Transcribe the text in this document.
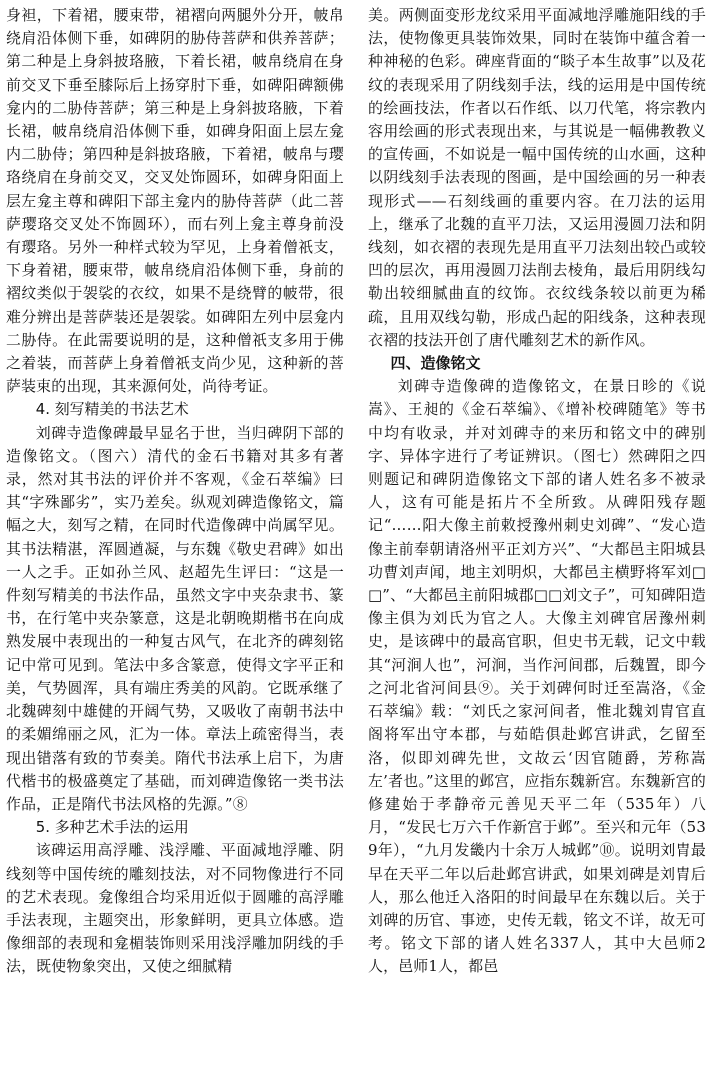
身袒，下着裙，腰束带，裙褶向两腿外分开，帔帛绕肩沿体侧下垂，如碑阴的胁侍菩萨和供养菩萨；第二种是上身斜披珞腋，下着长裙，帔帛绕肩在身前交叉下垂至膝际后上扬穿肘下垂，如碑阳碑额佛龛内的二胁侍菩萨；第三种是上身斜披珞腋，下着长裙，帔帛绕肩沿体侧下垂，如碑身阳面上层左龛内二胁侍；第四种是斜披珞腋，下着裙，帔帛与璎珞绕肩在身前交叉，交叉处饰圆环，如碑身阳面上层左龛主尊和碑阳下部主龛内的胁侍菩萨（此二菩萨璎珞交叉处不饰圆环），而右列上龛主尊身前没有璎珞。另外一种样式较为罕见，上身着僧祇支，下身着裙，腰束带，帔帛绕肩沿体侧下垂，身前的褶纹类似于袈裟的衣纹，如果不是绕臂的帔带，很难分辨出是菩萨装还是袈裟。如碑阳左列中层龛内二胁侍。在此需要说明的是，这种僧祇支多用于佛之着装，而菩萨上身着僧祇支尚少见，这种新的菩萨装束的出现，其来源何处，尚待考证。

4. 刻写精美的书法艺术

刘碑寺造像碑最早显名于世，当归碑阴下部的造像铭文。（图六）清代的金石书籍对其多有著录，然对其书法的评价并不客观，《金石萃编》曰其“字殊鄙劣”，实乃差矣。纵观刘碑造像铭文，篇幅之大，刻写之精，在同时代造像碑中尚属罕见。其书法精湛，浑圆遒凝，与东魏《敬史君碑》如出一人之手。正如孙兰风、赵超先生评曰：“这是一件刻写精美的书法作品，虽然文字中夹杂隶书、篆书，在行笔中夹杂篆意，这是北朝晚期楷书在向成熟发展中表现出的一种复古风气，在北齐的碑刻铭记中常可见到。笔法中多含篆意，使得文字平正和美，气势圆浑，具有端庄秀美的风韵。它既承继了北魏碑刻中雄健的开阔气势，又吸收了南朝书法中的柔媚绵丽之风，汇为一体。章法上疏密得当，表现出错落有致的节奏美。隋代书法承上启下，为唐代楷书的极盛奠定了基础，而刘碑造像铭一类书法作品，正是隋代书法风格的先源。”⑧

5. 多种艺术手法的运用

该碑运用高浮雕、浅浮雕、平面减地浮雕、阴线刻等中国传统的雕刻技法，对不同物像进行不同的艺术表现。龛像组合均采用近似于圆雕的高浮雕手法表现，主题突出，形象鲜明，更具立体感。造像细部的表现和龛楣装饰则采用浅浮雕加阴线的手法，既使物象突出，又使之细腻精

美。两侧面变形龙纹采用平面减地浮雕施阳线的手法，使物像更具装饰效果，同时在装饰中蕴含着一种神秘的色彩。碑座背面的“睒子本生故事”以及花纹的表现采用了阴线刻手法，线的运用是中国传统的绘画技法，作者以石作纸、以刀代笔，将宗教内容用绘画的形式表现出来，与其说是一幅佛教教义的宣传画，不如说是一幅中国传统的山水画，这种以阴线刻手法表现的图画，是中国绘画的另一种表现形式——石刻线画的重要内容。在刀法的运用上，继承了北魏的直平刀法，又运用漫圆刀法和阴线刻，如衣褶的表现先是用直平刀法刻出较凸或较凹的层次，再用漫圆刀法削去棱角，最后用阴线勾勒出较细腻曲直的纹饰。衣纹线条较以前更为稀疏，且用双线勾勒，形成凸起的阳线条，这种表现衣褶的技法开创了唐代雕刻艺术的新作风。

四、造像铭文

刘碑寺造像碑的造像铭文，在景日昣的《说嵩》、王昶的《金石萃编》、《增补校碑随笔》等书中均有收录，并对刘碑寺的来历和铭文中的碑别字、异体字进行了考证辨识。（图七）然碑阳之四则题记和碑阴造像铭文下部的诸人姓名多不被录人，这有可能是拓片不全所致。从碑阳残存题记“……阳大像主前敕授豫州刺史刘碑”、“发心造像主前奉朝请洛州平正刘方兴”、“大都邑主阳城县功曹刘声闻，地主刘明炽，大都邑主横野将军刘□□”、“大都邑主前阳城郡□□刘文子”，可知碑阳造像主俱为刘氏为官之人。大像主刘碑官居豫州刺史，是该碑中的最高官职，但史书无载，记文中载其“河涧人也”，河涧，当作河间郡，后魏置，即今之河北省河间县⑨。关于刘碑何时迁至嵩洛，《金石萃编》载：“刘氏之家河间者，惟北魏刘胄官直阁将军出守本郡，与茹皓俱赴邺宫讲武，乞留至洛，似即刘碑先世，文故云‘因官随爵，芳称嵩左’者也。”这里的邺宫，应指东魏新宫。东魏新宫的修建始于孝静帝元善见天平二年（535年）八月，“发民七万六千作新宫于邺”。至兴和元年（539年），“九月发畿内十余万人城邺”⑩。说明刘胄最早在天平二年以后赴邺宫讲武，如果刘碑是刘胄后人，那么他迁入洛阳的时间最早在东魏以后。关于刘碑的历官、事迹，史传无载，铭文不详，故无可考。铭文下部的诸人姓名337人，其中大邑师2人，邑师1人，都邑
